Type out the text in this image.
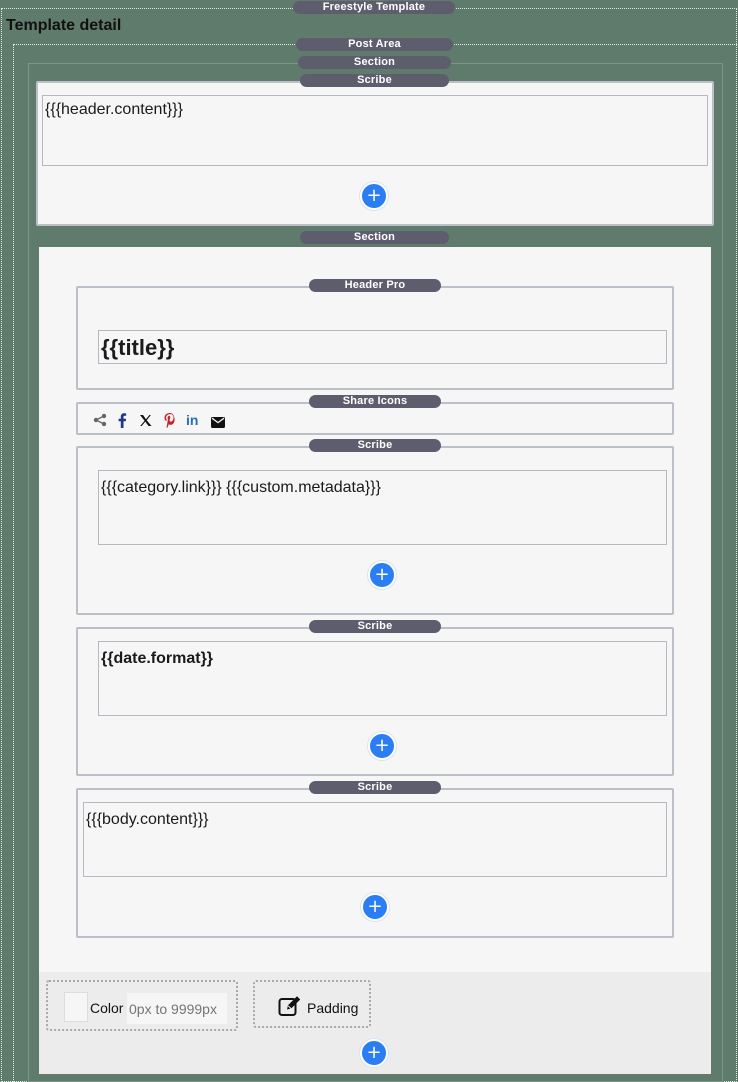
Freestyle Template
Template detail
Post Area
Section
Scribe
{{{header.content}}}
+
Section
Header Pro
{{title}}
Share Icons
in
Scribe
{{{category.link}}} {{{custom.metadata}}}
+
Scribe
{{date.format}}
+
Scribe
{{{body.content}}}
+
Color
0px to 9999px	Padding
+
